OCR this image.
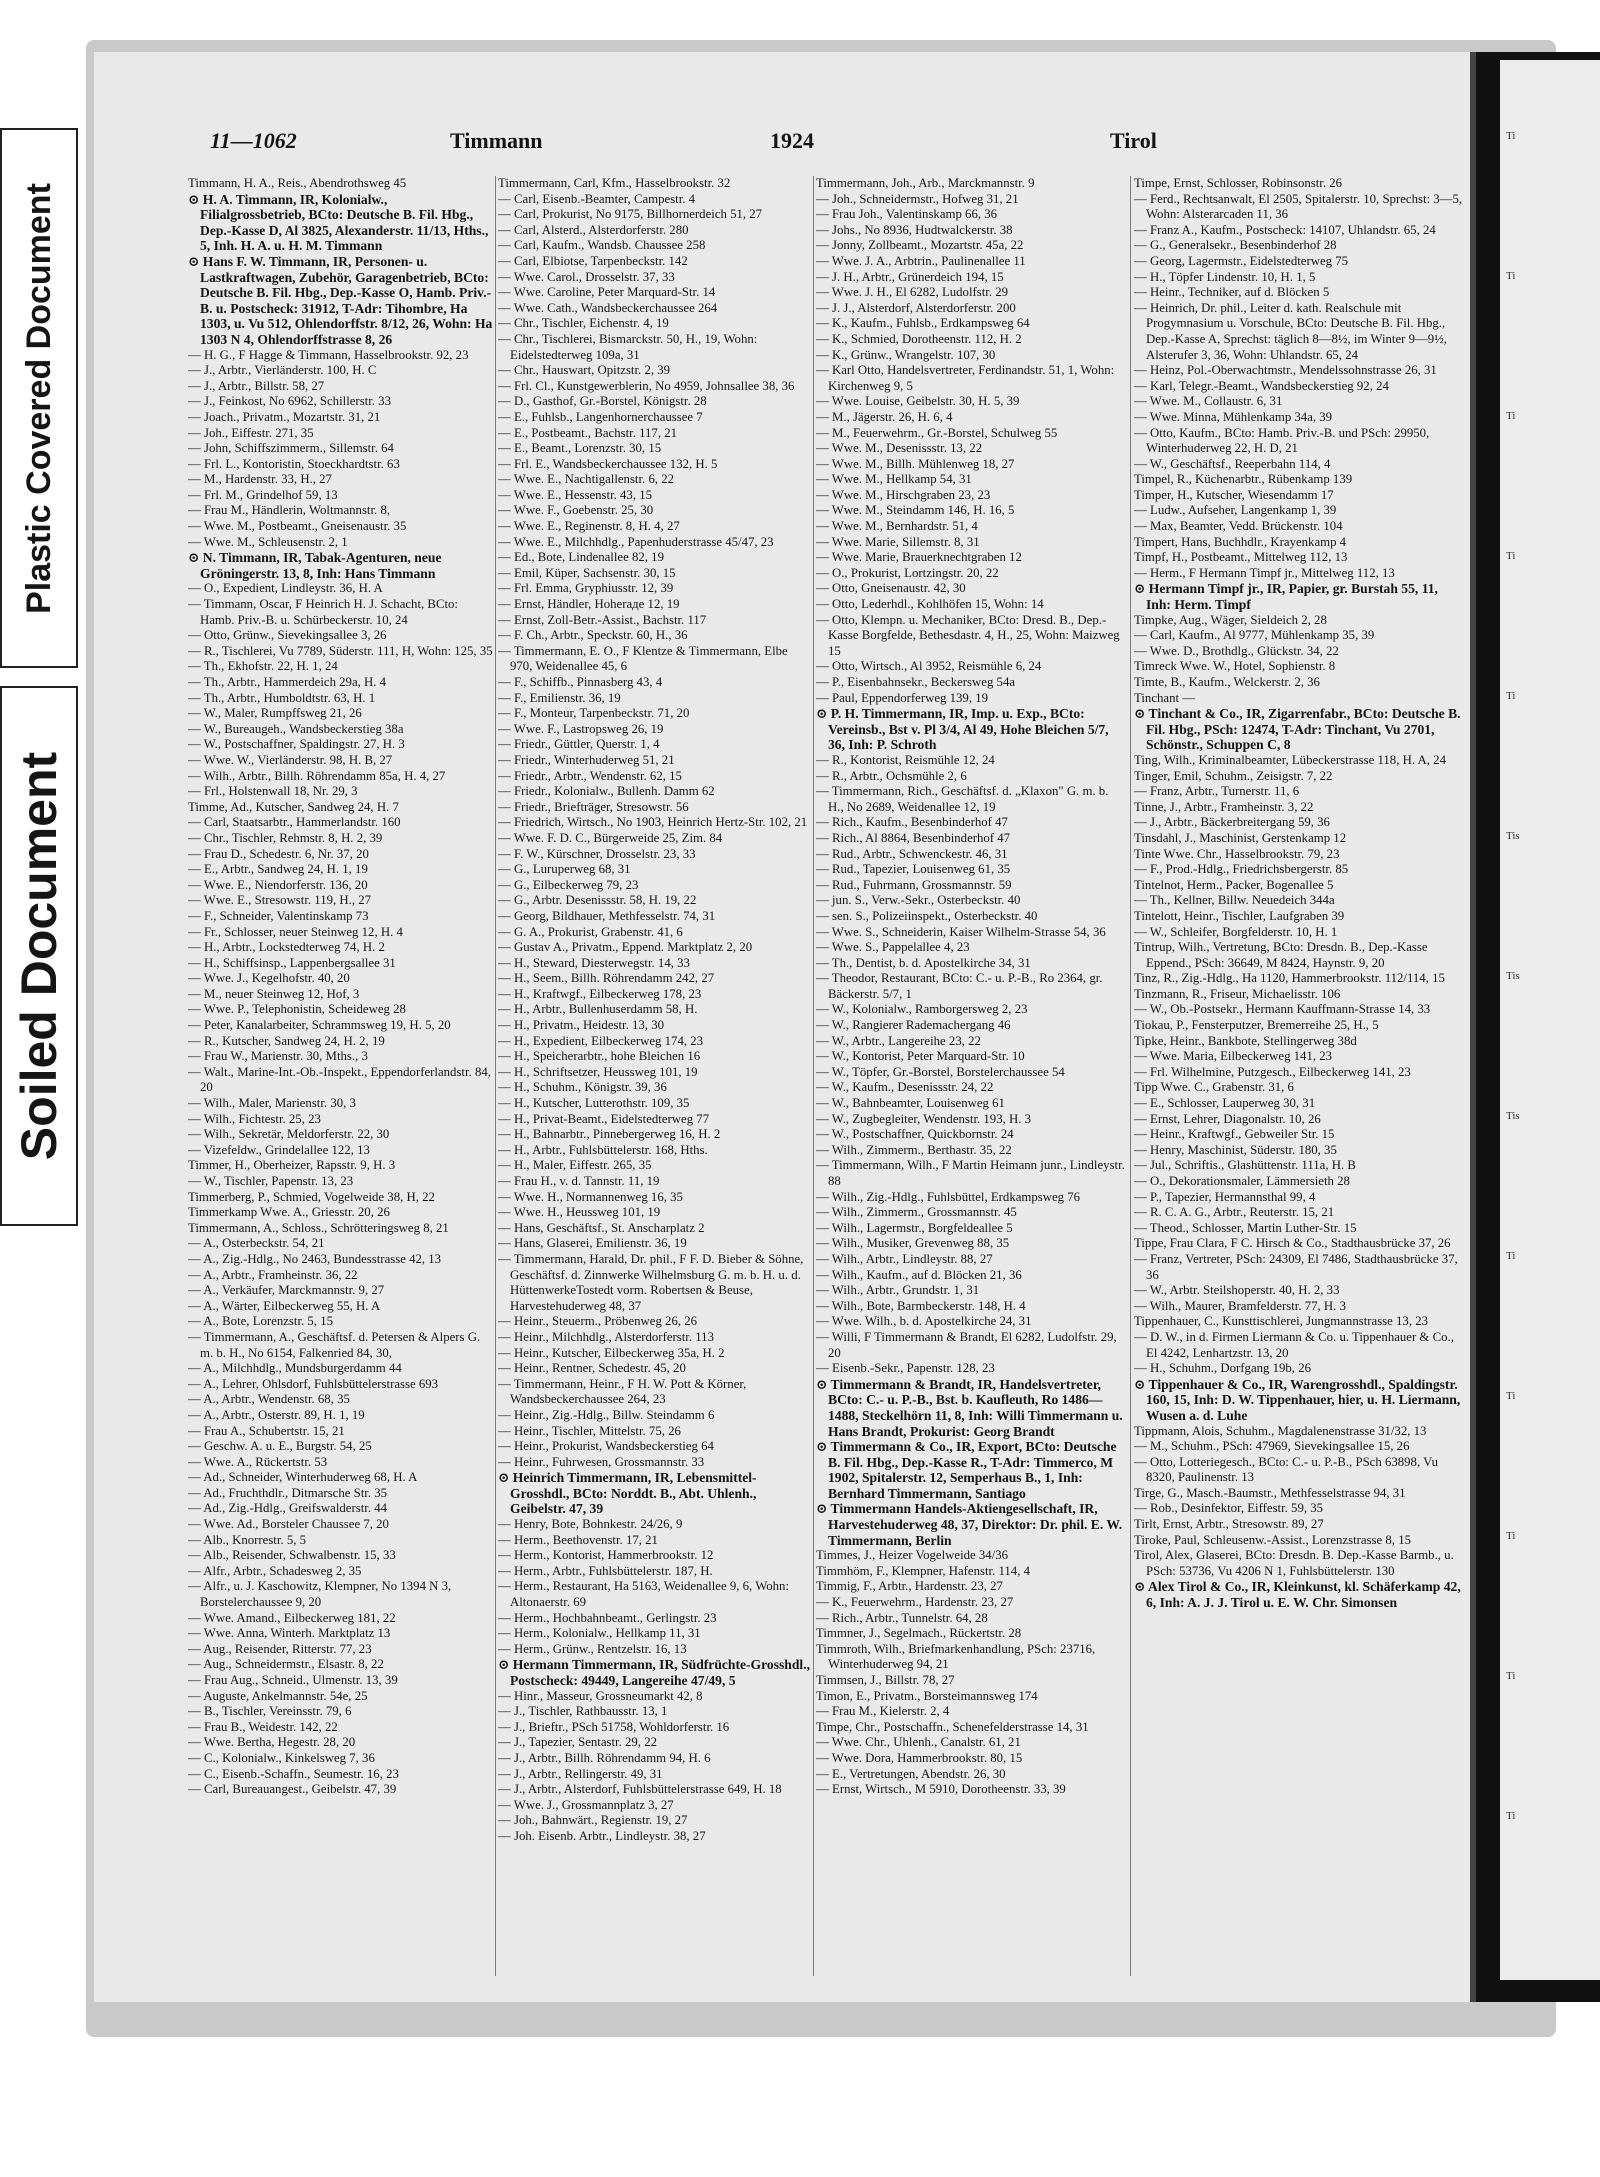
Plastic Covered Document
Soiled Document
Ti
Ti
Ti
Ti
Ti
Tis
Tis
Tis
Ti
Ti
Ti
Ti
Ti
11—1062	Timmann	1924	Tirol

Timmann, H. A., Reis., Abendrothsweg 45

⊙ H. A. Timmann, IR, Kolonialw., Filialgrossbetrieb, BCto: Deutsche B. Fil. Hbg., Dep.-Kasse D, Al 3825, Alexanderstr. 11/13, Hths., 5, Inh. H. A. u. H. M. Timmann

⊙ Hans F. W. Timmann, IR, Personen- u. Lastkraftwagen, Zubehör, Garagenbetrieb, BCto: Deutsche B. Fil. Hbg., Dep.-Kasse O, Hamb. Priv.-B. u. Postscheck: 31912, T-Adr: Tihombre, Ha 1303, u. Vu 512, Ohlendorffstr. 8/12, 26, Wohn: Ha 1303 N 4, Ohlendorffstrasse 8, 26

— H. G., F Hagge & Timmann, Hasselbrookstr. 92, 23

— J., Arbtr., Vierländerstr. 100, H. C

— J., Arbtr., Billstr. 58, 27

— J., Feinkost, No 6962, Schillerstr. 33

— Joach., Privatm., Mozartstr. 31, 21

— Joh., Eiffestr. 271, 35

— John, Schiffszimmerm., Sillemstr. 64

— Frl. L., Kontoristin, Stoeckhardtstr. 63

— M., Hardenstr. 33, H., 27

— Frl. M., Grindelhof 59, 13

— Frau M., Händlerin, Woltmannstr. 8,

— Wwe. M., Postbeamt., Gneisenaustr. 35

— Wwe. M., Schleusenstr. 2, 1

⊙ N. Timmann, IR, Tabak-Agenturen, neue Gröningerstr. 13, 8, Inh: Hans Timmann

— O., Expedient, Lindleystr. 36, H. A

— Timmann, Oscar, F Heinrich H. J. Schacht, BCto: Hamb. Priv.-B. u. Schürbeckerstr. 10, 24

— Otto, Grünw., Sievekingsallee 3, 26

— R., Tischlerei, Vu 7789, Süderstr. 111, H, Wohn: 125, 35

— Th., Ekhofstr. 22, H. 1, 24

— Th., Arbtr., Hammerdeich 29a, H. 4

— Th., Arbtr., Humboldtstr. 63, H. 1

— W., Maler, Rumpffsweg 21, 26

— W., Bureaugeh., Wandsbeckerstieg 38a

— W., Postschaffner, Spaldingstr. 27, H. 3

— Wwe. W., Vierländerstr. 98, H. B, 27

— Wilh., Arbtr., Billh. Röhrendamm 85a, H. 4, 27

— Frl., Holstenwall 18, Nr. 29, 3

Timme, Ad., Kutscher, Sandweg 24, H. 7

— Carl, Staatsarbtr., Hammerlandstr. 160

— Chr., Tischler, Rehmstr. 8, H. 2, 39

— Frau D., Schedestr. 6, Nr. 37, 20

— E., Arbtr., Sandweg 24, H. 1, 19

— Wwe. E., Niendorferstr. 136, 20

— Wwe. E., Stresowstr. 119, H., 27

— F., Schneider, Valentinskamp 73

— Fr., Schlosser, neuer Steinweg 12, H. 4

— H., Arbtr., Lockstedterweg 74, H. 2

— H., Schiffsinsp., Lappenbergsallee 31

— Wwe. J., Kegelhofstr. 40, 20

— M., neuer Steinweg 12, Hof, 3

— Wwe. P., Telephonistin, Scheideweg 28

— Peter, Kanalarbeiter, Schrammsweg 19, H. 5, 20

— R., Kutscher, Sandweg 24, H. 2, 19

— Frau W., Marienstr. 30, Mths., 3

— Walt., Marine-Int.-Ob.-Inspekt., Eppendorferlandstr. 84, 20

— Wilh., Maler, Marienstr. 30, 3

— Wilh., Fichtestr. 25, 23

— Wilh., Sekretär, Meldorferstr. 22, 30

— Vizefeldw., Grindelallee 122, 13

Timmer, H., Oberheizer, Rapsstr. 9, H. 3

— W., Tischler, Papenstr. 13, 23

Timmerberg, P., Schmied, Vogelweide 38, H, 22

Timmerkamp Wwe. A., Griesstr. 20, 26

Timmermann, A., Schloss., Schrötteringsweg 8, 21

— A., Osterbeckstr. 54, 21

— A., Zig.-Hdlg., No 2463, Bundesstrasse 42, 13

— A., Arbtr., Framheinstr. 36, 22

— A., Verkäufer, Marckmannstr. 9, 27

— A., Wärter, Eilbeckerweg 55, H. A

— A., Bote, Lorenzstr. 5, 15

— Timmermann, A., Geschäftsf. d. Petersen & Alpers G. m. b. H., No 6154, Falkenried 84, 30,

— A., Milchhdlg., Mundsburgerdamm 44

— A., Lehrer, Ohlsdorf, Fuhlsbüttelerstrasse 693

— A., Arbtr., Wendenstr. 68, 35

— A., Arbtr., Osterstr. 89, H. 1, 19

— Frau A., Schubertstr. 15, 21

— Geschw. A. u. E., Burgstr. 54, 25

— Wwe. A., Rückertstr. 53

— Ad., Schneider, Winterhuderweg 68, H. A

— Ad., Fruchthdlr., Ditmarsche Str. 35

— Ad., Zig.-Hdlg., Greifswalderstr. 44

— Wwe. Ad., Borsteler Chaussee 7, 20

— Alb., Knorrestr. 5, 5

— Alb., Reisender, Schwalbenstr. 15, 33

— Alfr., Arbtr., Schadesweg 2, 35

— Alfr., u. J. Kaschowitz, Klempner, No 1394 N 3, Borstelerchaussee 9, 20

— Wwe. Amand., Eilbeckerweg 181, 22

— Wwe. Anna, Winterh. Marktplatz 13

— Aug., Reisender, Ritterstr. 77, 23

— Aug., Schneidermstr., Elsastr. 8, 22

— Frau Aug., Schneid., Ulmenstr. 13, 39

— Auguste, Ankelmannstr. 54e, 25

— B., Tischler, Vereinsstr. 79, 6

— Frau B., Weidestr. 142, 22

— Wwe. Bertha, Hegestr. 28, 20

— C., Kolonialw., Kinkelsweg 7, 36

— C., Eisenb.-Schaffn., Seumestr. 16, 23

— Carl, Bureauangest., Geibelstr. 47, 39

Timmermann, Carl, Kfm., Hasselbrookstr. 32

— Carl, Eisenb.-Beamter, Campestr. 4

— Carl, Prokurist, No 9175, Billhornerdeich 51, 27

— Carl, Alsterd., Alsterdorferstr. 280

— Carl, Kaufm., Wandsb. Chaussee 258

— Carl, Elbiotse, Tarpenbeckstr. 142

— Wwe. Carol., Drosselstr. 37, 33

— Wwe. Caroline, Peter Marquard-Str. 14

— Wwe. Cath., Wandsbeckerchaussee 264

— Chr., Tischler, Eichenstr. 4, 19

— Chr., Tischlerei, Bismarckstr. 50, H., 19, Wohn: Eidelstedterweg 109a, 31

— Chr., Hauswart, Opitzstr. 2, 39

— Frl. Cl., Kunstgewerblerin, No 4959, Johnsallee 38, 36

— D., Gasthof, Gr.-Borstel, Königstr. 28

— E., Fuhlsb., Langenhornerchaussee 7

— E., Postbeamt., Bachstr. 117, 21

— E., Beamt., Lorenzstr. 30, 15

— Frl. E., Wandsbeckerchaussee 132, H. 5

— Wwe. E., Nachtigallenstr. 6, 22

— Wwe. E., Hessenstr. 43, 15

— Wwe. F., Goebenstr. 25, 30

— Wwe. E., Reginenstr. 8, H. 4, 27

— Wwe. E., Milchhdlg., Papenhuderstrasse 45/47, 23

— Ed., Bote, Lindenallee 82, 19

— Emil, Küper, Sachsenstr. 30, 15

— Frl. Emma, Gryphiusstr. 12, 39

— Ernst, Händler, Hoheraде 12, 19

— Ernst, Zoll-Betr.-Assist., Bachstr. 117

— F. Ch., Arbtr., Speckstr. 60, H., 36

— Timmermann, E. O., F Klentze & Timmermann, Elbe 970, Weidenallee 45, 6

— F., Schiffb., Pinnasberg 43, 4

— F., Emilienstr. 36, 19

— F., Monteur, Tarpenbeckstr. 71, 20

— Wwe. F., Lastropsweg 26, 19

— Friedr., Güttler, Querstr. 1, 4

— Friedr., Winterhuderweg 51, 21

— Friedr., Arbtr., Wendenstr. 62, 15

— Friedr., Kolonialw., Bullenh. Damm 62

— Friedr., Briefträger, Stresowstr. 56

— Friedrich, Wirtsch., No 1903, Heinrich Hertz-Str. 102, 21

— Wwe. F. D. C., Bürgerweide 25, Zim. 84

— F. W., Kürschner, Drosselstr. 23, 33

— G., Luruperweg 68, 31

— G., Eilbeckerweg 79, 23

— G., Arbtr. Desenissstr. 58, H. 19, 22

— Georg, Bildhauer, Methfesselstr. 74, 31

— G. A., Prokurist, Grabenstr. 41, 6

— Gustav A., Privatm., Eppend. Marktplatz 2, 20

— H., Steward, Diesterwegstr. 14, 33

— H., Seem., Billh. Röhrendamm 242, 27

— H., Kraftwgf., Eilbeckerweg 178, 23

— H., Arbtr., Bullenhuserdamm 58, H.

— H., Privatm., Heidestr. 13, 30

— H., Expedient, Eilbeckerweg 174, 23

— H., Speicherarbtr., hohe Bleichen 16

— H., Schriftsetzer, Heussweg 101, 19

— H., Schuhm., Königstr. 39, 36

— H., Kutscher, Lutterothstr. 109, 35

— H., Privat-Beamt., Eidelstedterweg 77

— H., Bahnarbtr., Pinnebergerweg 16, H. 2

— H., Arbtr., Fuhlsbüttelerstr. 168, Hths.

— H., Maler, Eiffestr. 265, 35

— Frau H., v. d. Tannstr. 11, 19

— Wwe. H., Normannenweg 16, 35

— Wwe. H., Heussweg 101, 19

— Hans, Geschäftsf., St. Anscharplatz 2

— Hans, Glaserei, Emilienstr. 36, 19

— Timmermann, Harald, Dr. phil., F F. D. Bieber & Söhne, Geschäftsf. d. Zinnwerke Wilhelmsburg G. m. b. H. u. d. HüttenwerkeTostedt vorm. Robertsen & Beuse, Harvestehuderweg 48, 37

— Heinr., Steuerm., Pröbenweg 26, 26

— Heinr., Milchhdlg., Alsterdorferstr. 113

— Heinr., Kutscher, Eilbeckerweg 35a, H. 2

— Heinr., Rentner, Schedestr. 45, 20

— Timmermann, Heinr., F H. W. Pott & Körner, Wandsbeckerchaussee 264, 23

— Heinr., Zig.-Hdlg., Billw. Steindamm 6

— Heinr., Tischler, Mittelstr. 75, 26

— Heinr., Prokurist, Wandsbeckerstieg 64

— Heinr., Fuhrwesen, Grossmannstr. 33

⊙ Heinrich Timmermann, IR, Lebensmittel-Grosshdl., BCto: Norddt. B., Abt. Uhlenh., Geibelstr. 47, 39

— Henry, Bote, Bohnkestr. 24/26, 9

— Herm., Beethovenstr. 17, 21

— Herm., Kontorist, Hammerbrookstr. 12

— Herm., Arbtr., Fuhlsbüttelerstr. 187, H.

— Herm., Restaurant, Ha 5163, Weidenallee 9, 6, Wohn: Altonaerstr. 69

— Herm., Hochbahnbeamt., Gerlingstr. 23

— Herm., Kolonialw., Hellkamp 11, 31

— Herm., Grünw., Rentzelstr. 16, 13

⊙ Hermann Timmermann, IR, Südfrüchte-Grosshdl., Postscheck: 49449, Langereihe 47/49, 5

— Hinr., Masseur, Grossneumarkt 42, 8

— J., Tischler, Rathbausstr. 13, 1

— J., Brieftr., PSch 51758, Wohldorferstr. 16

— J., Tapezier, Sentastr. 29, 22

— J., Arbtr., Billh. Röhrendamm 94, H. 6

— J., Arbtr., Rellingerstr. 49, 31

— J., Arbtr., Alsterdorf, Fuhlsbüttelerstrasse 649, H. 18

— Wwe. J., Grossmannplatz 3, 27

— Joh., Bahnwärt., Regienstr. 19, 27

— Joh. Eisenb. Arbtr., Lindleystr. 38, 27

Timmermann, Joh., Arb., Marckmannstr. 9

— Joh., Schneidermstr., Hofweg 31, 21

— Frau Joh., Valentinskamp 66, 36

— Johs., No 8936, Hudtwalckerstr. 38

— Jonny, Zollbeamt., Mozartstr. 45a, 22

— Wwe. J. A., Arbtrin., Paulinenallee 11

— J. H., Arbtr., Grünerdeich 194, 15

— Wwe. J. H., El 6282, Ludolfstr. 29

— J. J., Alsterdorf, Alsterdorferstr. 200

— K., Kaufm., Fuhlsb., Erdkampsweg 64

— K., Schmied, Dorotheenstr. 112, H. 2

— K., Grünw., Wrangelstr. 107, 30

— Karl Otto, Handelsvertreter, Ferdinandstr. 51, 1, Wohn: Kirchenweg 9, 5

— Wwe. Louise, Geibelstr. 30, H. 5, 39

— M., Jägerstr. 26, H. 6, 4

— M., Feuerwehrm., Gr.-Borstel, Schulweg 55

— Wwe. M., Desenissstr. 13, 22

— Wwe. M., Billh. Mühlenweg 18, 27

— Wwe. M., Hellkamp 54, 31

— Wwe. M., Hirschgraben 23, 23

— Wwe. M., Steindamm 146, H. 16, 5

— Wwe. M., Bernhardstr. 51, 4

— Wwe. Marie, Sillemstr. 8, 31

— Wwe. Marie, Brauerknechtgraben 12

— O., Prokurist, Lortzingstr. 20, 22

— Otto, Gneisenaustr. 42, 30

— Otto, Lederhdl., Kohlhöfen 15, Wohn: 14

— Otto, Klempn. u. Mechaniker, BCto: Dresd. B., Dep.-Kasse Borgfelde, Bethesdastr. 4, H., 25, Wohn: Maizweg 15

— Otto, Wirtsch., Al 3952, Reismühle 6, 24

— P., Eisenbahnsekr., Beckersweg 54a

— Paul, Eppendorferweg 139, 19

⊙ P. H. Timmermann, IR, Imp. u. Exp., BCto: Vereinsb., Bst v. Pl 3/4, Al 49, Hohe Bleichen 5/7, 36, Inh: P. Schroth

— R., Kontorist, Reismühle 12, 24

— R., Arbtr., Ochsmühle 2, 6

— Timmermann, Rich., Geschäftsf. d. „Klaxon" G. m. b. H., No 2689, Weidenallee 12, 19

— Rich., Kaufm., Besenbinderhof 47

— Rich., Al 8864, Besenbinderhof 47

— Rud., Arbtr., Schwenckestr. 46, 31

— Rud., Tapezier, Louisenweg 61, 35

— Rud., Fuhrmann, Grossmannstr. 59

— jun. S., Verw.-Sekr., Osterbeckstr. 40

— sen. S., Polizeiinspekt., Osterbeckstr. 40

— Wwe. S., Schneiderin, Kaiser Wilhelm-Strasse 54, 36

— Wwe. S., Pappelallee 4, 23

— Th., Dentist, b. d. Apostelkirche 34, 31

— Theodor, Restaurant, BCto: C.- u. P.-B., Ro 2364, gr. Bäckerstr. 5/7, 1

— W., Kolonialw., Ramborgersweg 2, 23

— W., Rangierer Rademachergang 46

— W., Arbtr., Langereihe 23, 22

— W., Kontorist, Peter Marquard-Str. 10

— W., Töpfer, Gr.-Borstel, Borstelerchaussee 54

— W., Kaufm., Desenissstr. 24, 22

— W., Bahnbeamter, Louisenweg 61

— W., Zugbegleiter, Wendenstr. 193, H. 3

— W., Postschaffner, Quickbornstr. 24

— Wilh., Zimmerm., Berthastr. 35, 22

— Timmermann, Wilh., F Martin Heimann junr., Lindleystr. 88

— Wilh., Zig.-Hdlg., Fuhlsbüttel, Erdkampsweg 76

— Wilh., Zimmerm., Grossmannstr. 45

— Wilh., Lagermstr., Borgfeldeallee 5

— Wilh., Musiker, Grevenweg 88, 35

— Wilh., Arbtr., Lindleystr. 88, 27

— Wilh., Kaufm., auf d. Blöcken 21, 36

— Wilh., Arbtr., Grundstr. 1, 31

— Wilh., Bote, Barmbeckerstr. 148, H. 4

— Wwe. Wilh., b. d. Apostelkirche 24, 31

— Willi, F Timmermann & Brandt, El 6282, Ludolfstr. 29, 20

— Eisenb.-Sekr., Papenstr. 128, 23

⊙ Timmermann & Brandt, IR, Handelsvertreter, BCto: C.- u. P.-B., Bst. b. Kaufleuth, Ro 1486—1488, Steckelhörn 11, 8, Inh: Willi Timmermann u. Hans Brandt, Prokurist: Georg Brandt

⊙ Timmermann & Co., IR, Export, BCto: Deutsche B. Fil. Hbg., Dep.-Kasse R., T-Adr: Timmerco, M 1902, Spitalerstr. 12, Semperhaus B., 1, Inh: Bernhard Timmermann, Santiago

⊙ Timmermann Handels-Aktiengesellschaft, IR, Harvestehuderweg 48, 37, Direktor: Dr. phil. E. W. Timmermann, Berlin

Timmes, J., Heizer Vogelweide 34/36

Timmhöm, F., Klempner, Hafenstr. 114, 4

Timmig, F., Arbtr., Hardenstr. 23, 27

— K., Feuerwehrm., Hardenstr. 23, 27

— Rich., Arbtr., Tunnelstr. 64, 28

Timmner, J., Segelmach., Rückertstr. 28

Timmroth, Wilh., Briefmarkenhandlung, PSch: 23716, Winterhuderweg 94, 21

Timmsen, J., Billstr. 78, 27

Timon, E., Privatm., Borsteimannsweg 174

— Frau M., Kielerstr. 2, 4

Timpe, Chr., Postschaffn., Schenefelderstrasse 14, 31

— Wwe. Chr., Uhlenh., Canalstr. 61, 21

— Wwe. Dora, Hammerbrookstr. 80, 15

— E., Vertretungen, Abendstr. 26, 30

— Ernst, Wirtsch., M 5910, Dorotheenstr. 33, 39

Timpe, Ernst, Schlosser, Robinsonstr. 26

— Ferd., Rechtsanwalt, El 2505, Spitalerstr. 10, Sprechst: 3—5, Wohn: Alsterarcaden 11, 36

— Franz A., Kaufm., Postscheck: 14107, Uhlandstr. 65, 24

— G., Generalsekr., Besenbinderhof 28

— Georg, Lagermstr., Eidelstedterweg 75

— H., Töpfer Lindenstr. 10, H. 1, 5

— Heinr., Techniker, auf d. Blöcken 5

— Heinrich, Dr. phil., Leiter d. kath. Realschule mit Progymnasium u. Vorschule, BCto: Deutsche B. Fil. Hbg., Dep.-Kasse A, Sprechst: täglich 8—8½, im Winter 9—9½, Alsterufer 3, 36, Wohn: Uhlandstr. 65, 24

— Heinz, Pol.-Oberwachtmstr., Mendelssohnstrasse 26, 31

— Karl, Telegr.-Beamt., Wandsbeckerstieg 92, 24

— Wwe. M., Collaustr. 6, 31

— Wwe. Minna, Mühlenkamp 34a, 39

— Otto, Kaufm., BCto: Hamb. Priv.-B. und PSch: 29950, Winterhuderweg 22, H. D, 21

— W., Geschäftsf., Reeperbahn 114, 4

Timpel, R., Küchenarbtr., Rübenkamp 139

Timper, H., Kutscher, Wiesendamm 17

— Ludw., Aufseher, Langenkamp 1, 39

— Max, Beamter, Vedd. Brückenstr. 104

Timpert, Hans, Buchhdlr., Krayenkamp 4

Timpf, H., Postbeamt., Mittelweg 112, 13

— Herm., F Hermann Timpf jr., Mittelweg 112, 13

⊙ Hermann Timpf jr., IR, Papier, gr. Burstah 55, 11, Inh: Herm. Timpf

Timpke, Aug., Wäger, Sieldeich 2, 28

— Carl, Kaufm., Al 9777, Mühlenkamp 35, 39

— Wwe. D., Brothdlg., Glückstr. 34, 22

Timreck Wwe. W., Hotel, Sophienstr. 8

Timte, B., Kaufm., Welckerstr. 2, 36

Tinchant —

⊙ Tinchant & Co., IR, Zigarrenfabr., BCto: Deutsche B. Fil. Hbg., PSch: 12474, T-Adr: Tinchant, Vu 2701, Schönstr., Schuppen C, 8

Ting, Wilh., Kriminalbeamter, Lübeckerstrasse 118, H. A, 24

Tinger, Emil, Schuhm., Zeisigstr. 7, 22

— Franz, Arbtr., Turnerstr. 11, 6

Tinne, J., Arbtr., Framheinstr. 3, 22

— J., Arbtr., Bäckerbreitergang 59, 36

Tinsdahl, J., Maschinist, Gerstenkamp 12

Tinte Wwe. Chr., Hasselbrookstr. 79, 23

— F., Prod.-Hdlg., Friedrichsbergerstr. 85

Tintelnot, Herm., Packer, Bogenallee 5

— Th., Kellner, Billw. Neuedeich 344a

Tintelott, Heinr., Tischler, Laufgraben 39

— W., Schleifer, Borgfelderstr. 10, H. 1

Tintrup, Wilh., Vertretung, BCto: Dresdn. B., Dep.-Kasse Eppend., PSch: 36649, M 8424, Haynstr. 9, 20

Tinz, R., Zig.-Hdlg., Ha 1120, Hammerbrookstr. 112/114, 15

Tinzmann, R., Friseur, Michaelisstr. 106

— W., Ob.-Postsekr., Hermann Kauffmann-Strasse 14, 33

Tiokau, P., Fensterputzer, Bremerreihe 25, H., 5

Tipke, Heinr., Bankbote, Stellingerweg 38d

— Wwe. Maria, Eilbeckerweg 141, 23

— Frl. Wilhelmine, Putzgesch., Eilbeckerweg 141, 23

Tipp Wwe. C., Grabenstr. 31, 6

— E., Schlosser, Lauperweg 30, 31

— Ernst, Lehrer, Diagonalstr. 10, 26

— Heinr., Kraftwgf., Gebweiler Str. 15

— Henry, Maschinist, Süderstr. 180, 35

— Jul., Schriftis., Glashüttenstr. 111a, H. B

— O., Dekorationsmaler, Lämmersieth 28

— P., Tapezier, Hermannsthal 99, 4

— R. C. A. G., Arbtr., Reuterstr. 15, 21

— Theod., Schlosser, Martin Luther-Str. 15

Tippe, Frau Clara, F C. Hirsch & Co., Stadthausbrücke 37, 26

— Franz, Vertreter, PSch: 24309, El 7486, Stadthausbrücke 37, 36

— W., Arbtr. Steilshoperstr. 40, H. 2, 33

— Wilh., Maurer, Bramfelderstr. 77, H. 3

Tippenhauer, C., Kunsttischlerei, Jungmannstrasse 13, 23

— D. W., in d. Firmen Liermann & Co. u. Tippenhauer & Co., El 4242, Lenhartzstr. 13, 20

— H., Schuhm., Dorfgang 19b, 26

⊙ Tippenhauer & Co., IR, Warengrosshdl., Spaldingstr. 160, 15, Inh: D. W. Tippenhauer, hier, u. H. Liermann, Wusen a. d. Luhe

Tippmann, Alois, Schuhm., Magdalenenstrasse 31/32, 13

— M., Schuhm., PSch: 47969, Sievekingsallee 15, 26

— Otto, Lotteriegesch., BCto: C.- u. P.-B., PSch 63898, Vu 8320, Paulinenstr. 13

Tirge, G., Masch.-Baumstr., Methfesselstrasse 94, 31

— Rob., Desinfektor, Eiffestr. 59, 35

Tirlt, Ernst, Arbtr., Stresowstr. 89, 27

Tiroke, Paul, Schleusenw.-Assist., Lorenzstrasse 8, 15

Tirol, Alex, Glaserei, BCto: Dresdn. B. Dep.-Kasse Barmb., u. PSch: 53736, Vu 4206 N 1, Fuhlsbüttelerstr. 130

⊙ Alex Tirol & Co., IR, Kleinkunst, kl. Schäferkamp 42, 6, Inh: A. J. J. Tirol u. E. W. Chr. Simonsen
